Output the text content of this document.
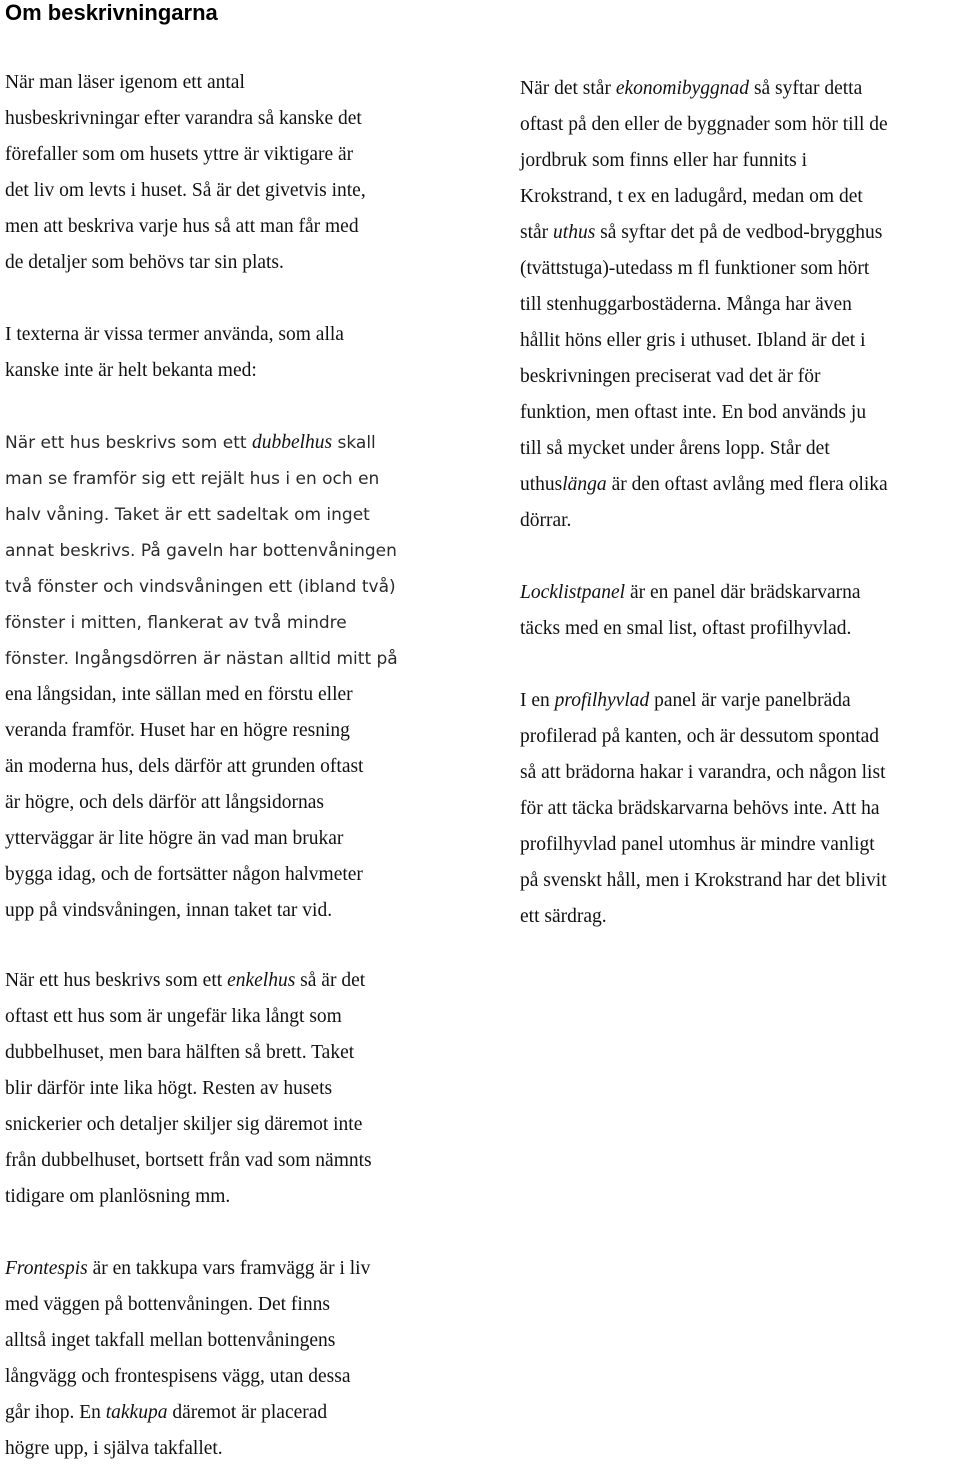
Om beskrivningarna

När man läser igenom ett antal

husbeskrivningar efter varandra så kanske det

förefaller som om husets yttre är viktigare är

det liv om levts i huset. Så är det givetvis inte,

men att beskriva varje hus så att man får med

de detaljer som behövs tar sin plats.

I texterna är vissa termer använda, som alla

kanske inte är helt bekanta med:

När ett hus beskrivs som ett dubbelhus skall

man se framför sig ett rejält hus i en och en

halv våning. Taket är ett sadeltak om inget

annat beskrivs. På gaveln har bottenvåningen

två fönster och vindsvåningen ett (ibland två)

fönster i mitten, flankerat av två mindre

fönster. Ingångsdörren är nästan alltid mitt på

ena långsidan, inte sällan med en förstu eller

veranda framför. Huset har en högre resning

än moderna hus, dels därför att grunden oftast

är högre, och dels därför att långsidornas

ytterväggar är lite högre än vad man brukar

bygga idag, och de fortsätter någon halvmeter

upp på vindsvåningen, innan taket tar vid.

När det står ekonomibyggnad så syftar detta

oftast på den eller de byggnader som hör till de

jordbruk som finns eller har funnits i

Krokstrand, t ex en ladugård, medan om det

står uthus så syftar det på de vedbod-brygghus

(tvättstuga)-utedass m fl funktioner som hört

till stenhuggarbostäderna. Många har även

hållit höns eller gris i uthuset. Ibland är det i

beskrivningen preciserat vad det är för

funktion, men oftast inte. En bod används ju

till så mycket under årens lopp. Står det

uthuslänga är den oftast avlång med flera olika

dörrar.

Locklistpanel är en panel där brädskarvarna

täcks med en smal list, oftast profilhyvlad.

I en profilhyvlad panel är varje panelbräda

profilerad på kanten, och är dessutom spontad

så att brädorna hakar i varandra, och någon list

för att täcka brädskarvarna behövs inte. Att ha

profilhyvlad panel utomhus är mindre vanligt

på svenskt håll, men i Krokstrand har det blivit

ett särdrag.

När ett hus beskrivs som ett enkelhus så är det

oftast ett hus som är ungefär lika långt som

dubbelhuset, men bara hälften så brett. Taket

blir därför inte lika högt. Resten av husets

snickerier och detaljer skiljer sig däremot inte

från dubbelhuset, bortsett från vad som nämnts

tidigare om planlösning mm.

Frontespis är en takkupa vars framvägg är i liv

med väggen på bottenvåningen. Det finns

alltså inget takfall mellan bottenvåningens

långvägg och frontespisens vägg, utan dessa

går ihop. En takkupa däremot är placerad

högre upp, i själva takfallet.
